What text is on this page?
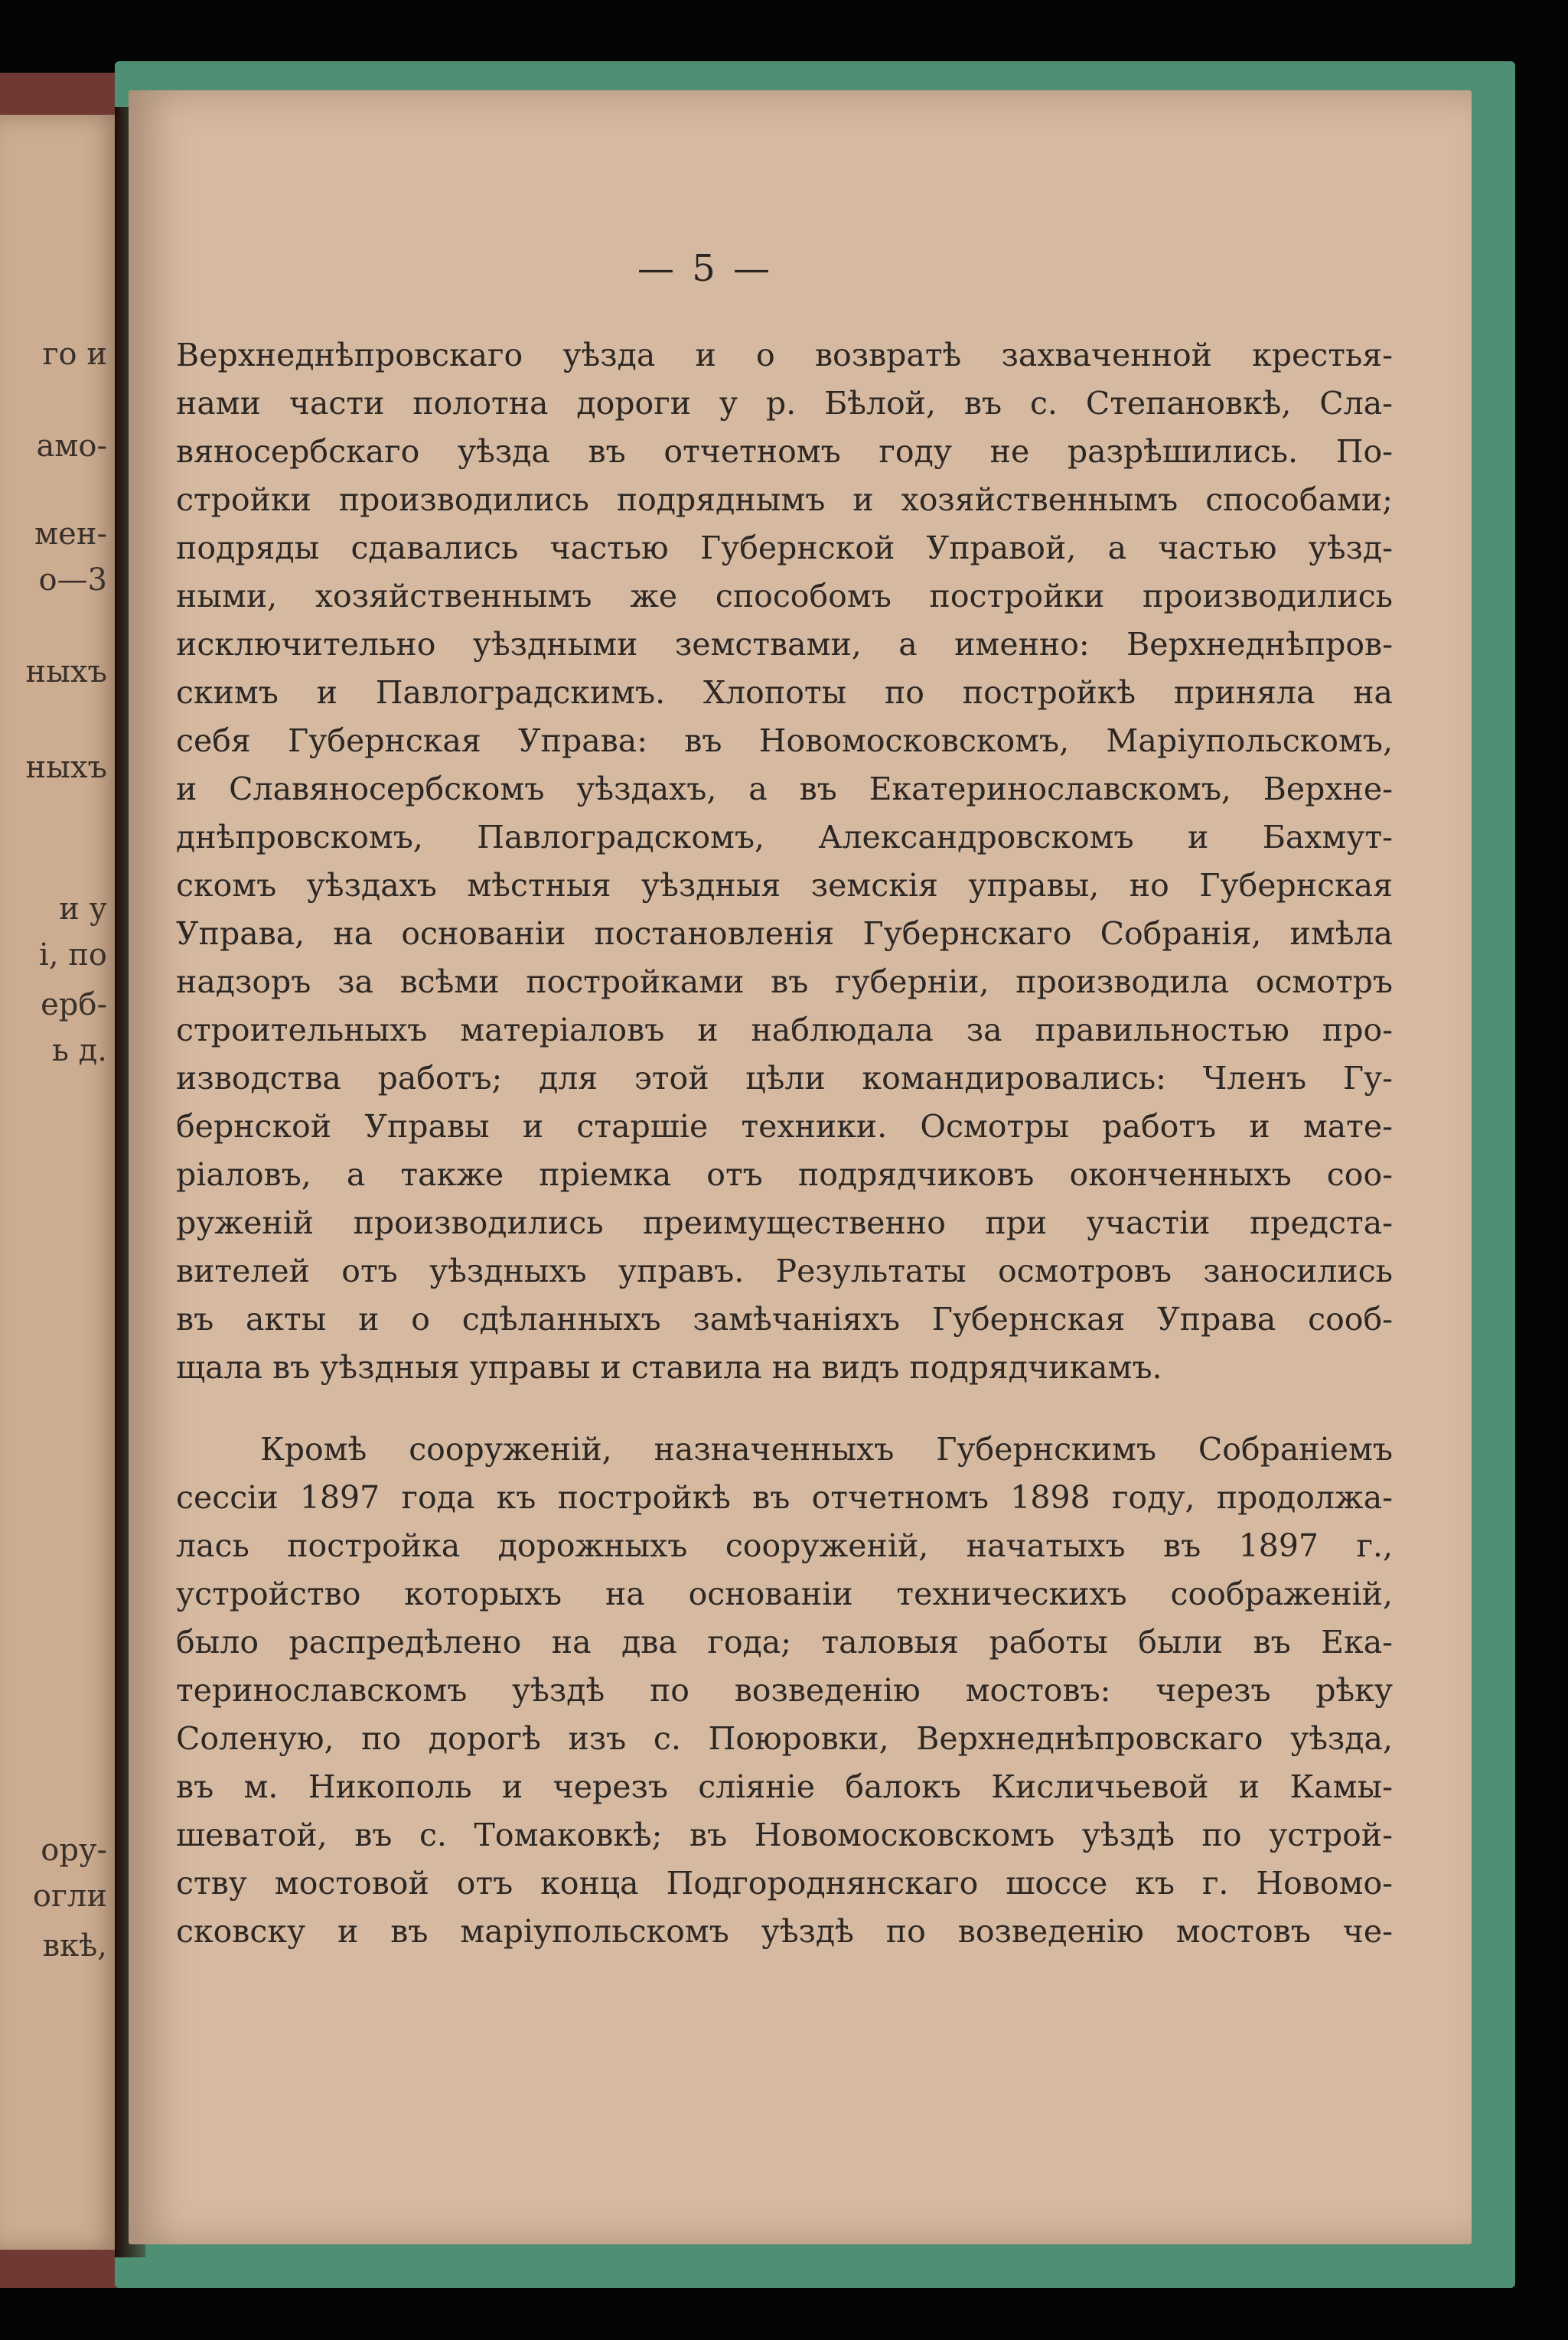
го и
амо-
мен-
о—3
ныхъ
ныхъ
и у
і, по
ерб-
ь д.
ору-
огли
вкѣ,
— 5 —
Верхнеднѣпровскаго уѣзда и о возвратѣ захваченной крестья-
нами части полотна дороги у р. Бѣлой, въ с. Степановкѣ, Сла-
вяносербскаго уѣзда въ отчетномъ году не разрѣшились. По-
стройки производились подряднымъ и хозяйственнымъ способами;
подряды сдавались частью Губернской Управой, а частью уѣзд-
ными, хозяйственнымъ же способомъ постройки производились
исключительно уѣздными земствами, а именно: Верхнеднѣпров-
скимъ и Павлоградскимъ. Хлопоты по постройкѣ приняла на
себя Губернская Управа: въ Новомосковскомъ, Маріупольскомъ,
и Славяносербскомъ уѣздахъ, а въ Екатеринославскомъ, Верхне-
днѣпровскомъ, Павлоградскомъ, Александровскомъ и Бахмут-
скомъ уѣздахъ мѣстныя уѣздныя земскія управы, но Губернская
Управа, на основаніи постановленія Губернскаго Собранія, имѣла
надзоръ за всѣми постройками въ губерніи, производила осмотръ
строительныхъ матеріаловъ и наблюдала за правильностью про-
изводства работъ; для этой цѣли командировались: Членъ Гу-
бернской Управы и старшіе техники. Осмотры работъ и мате-
ріаловъ, а также пріемка отъ подрядчиковъ оконченныхъ соо-
руженій производились преимущественно при участіи предста-
вителей отъ уѣздныхъ управъ. Результаты осмотровъ заносились
въ акты и о сдѣланныхъ замѣчаніяхъ Губернская Управа сооб-
щала въ уѣздныя управы и ставила на видъ подрядчикамъ.
Кромѣ сооруженій, назначенныхъ Губернскимъ Собраніемъ
сессіи 1897 года къ постройкѣ въ отчетномъ 1898 году, продолжа-
лась постройка дорожныхъ сооруженій, начатыхъ въ 1897 г.,
устройство которыхъ на основаніи техническихъ соображеній,
было распредѣлено на два года; таловыя работы были въ Ека-
теринославскомъ уѣздѣ по возведенію мостовъ: черезъ рѣку
Соленую, по дорогѣ изъ с. Поюровки, Верхнеднѣпровскаго уѣзда,
въ м. Никополь и черезъ сліяніе балокъ Кисличьевой и Камы-
шеватой, въ с. Томаковкѣ; въ Новомосковскомъ уѣздѣ по устрой-
ству мостовой отъ конца Подгороднянскаго шоссе къ г. Новомо-
сковску и въ маріупольскомъ уѣздѣ по возведенію мостовъ че-
